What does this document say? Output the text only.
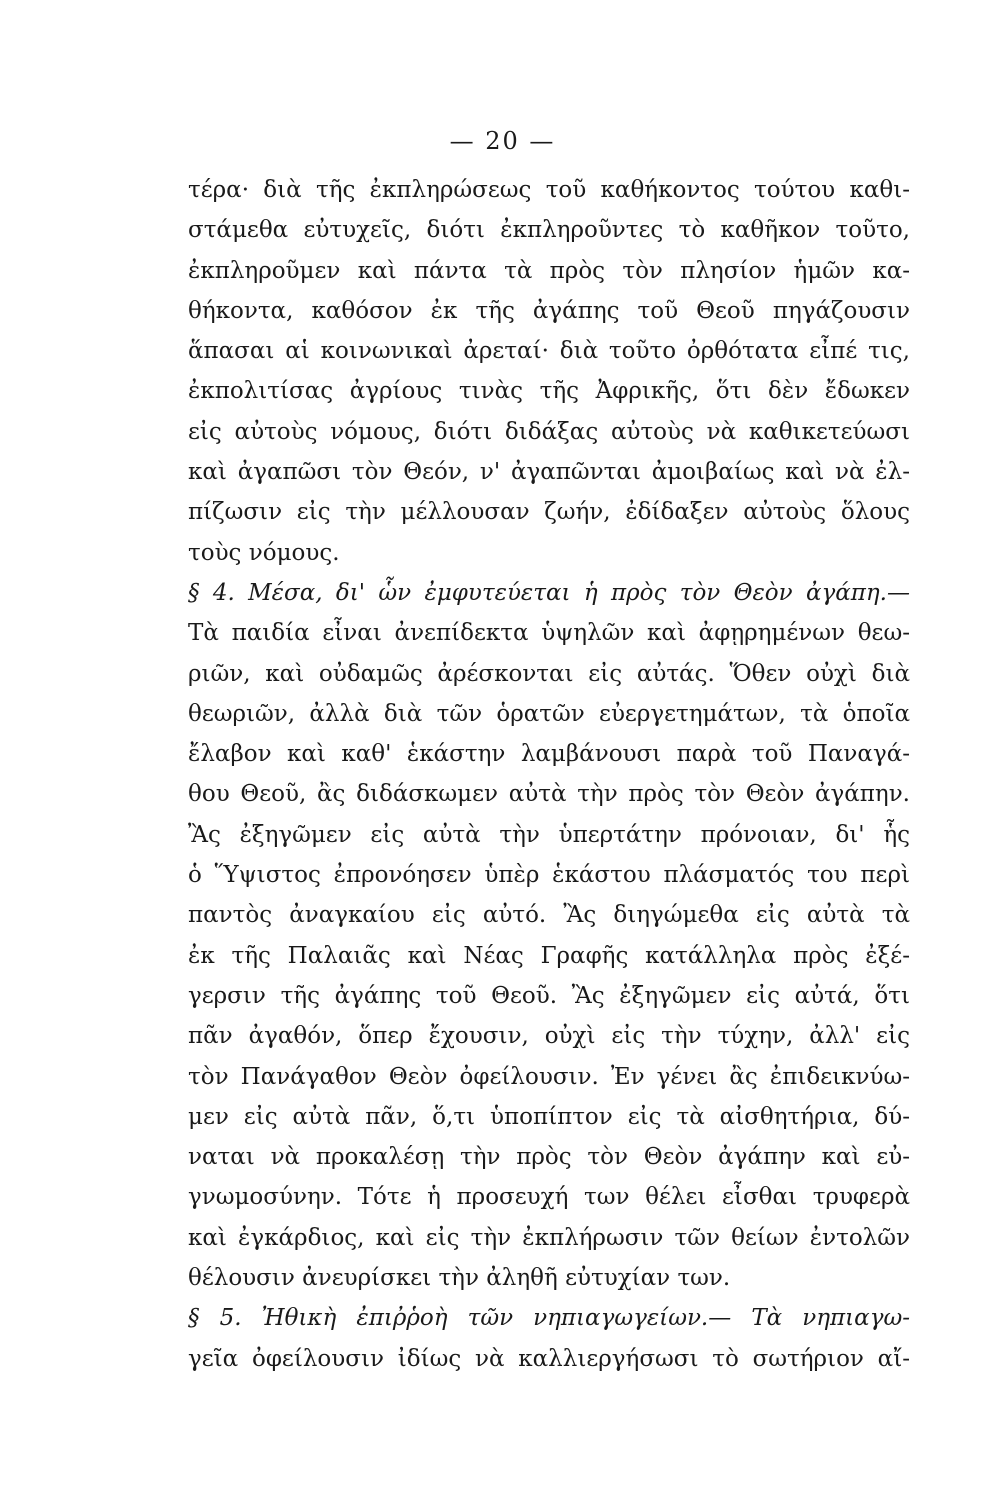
— 20 —
τέρα· διὰ τῆς ἐκπληρώσεως τοῦ καθήκοντος τούτου καθι-
στάμεθα εὐτυχεῖς, διότι ἐκπληροῦντες τὸ καθῆκον τοῦτο,
ἐκπληροῦμεν καὶ πάντα τὰ πρὸς τὸν πλησίον ἡμῶν κα-
θήκοντα, καθόσον ἐκ τῆς ἀγάπης τοῦ Θεοῦ πηγάζουσιν
ἅπασαι αἱ κοινωνικαὶ ἀρεταί· διὰ τοῦτο ὀρθότατα εἶπέ τις,
ἐκπολιτίσας ἀγρίους τινὰς τῆς Ἀφρικῆς, ὅτι δὲν ἔδωκεν
εἰς αὐτοὺς νόμους, διότι διδάξας αὐτοὺς νὰ καθικετεύωσι
καὶ ἀγαπῶσι τὸν Θεόν, ν' ἀγαπῶνται ἀμοιβαίως καὶ νὰ ἐλ-
πίζωσιν εἰς τὴν μέλλουσαν ζωήν, ἐδίδαξεν αὐτοὺς ὅλους
τοὺς νόμους.
§ 4. Μέσα, δι' ὧν ἐμφυτεύεται ἡ πρὸς τὸν Θεὸν ἀγάπη.—
Τὰ παιδία εἶναι ἀνεπίδεκτα ὑψηλῶν καὶ ἀφῃρημένων θεω-
ριῶν, καὶ οὐδαμῶς ἀρέσκονται εἰς αὐτάς. Ὅθεν οὐχὶ διὰ
θεωριῶν, ἀλλὰ διὰ τῶν ὁρατῶν εὐεργετημάτων, τὰ ὁποῖα
ἔλαβον καὶ καθ' ἑκάστην λαμβάνουσι παρὰ τοῦ Παναγά-
θου Θεοῦ, ἂς διδάσκωμεν αὐτὰ τὴν πρὸς τὸν Θεὸν ἀγάπην.
Ἂς ἐξηγῶμεν εἰς αὐτὰ τὴν ὑπερτάτην πρόνοιαν, δι' ἧς
ὁ Ὕψιστος ἐπρονόησεν ὑπὲρ ἑκάστου πλάσματός του περὶ
παντὸς ἀναγκαίου εἰς αὐτό. Ἂς διηγώμεθα εἰς αὐτὰ τὰ
ἐκ τῆς Παλαιᾶς καὶ Νέας Γραφῆς κατάλληλα πρὸς ἐξέ-
γερσιν τῆς ἀγάπης τοῦ Θεοῦ. Ἂς ἐξηγῶμεν εἰς αὐτά, ὅτι
πᾶν ἀγαθόν, ὅπερ ἔχουσιν, οὐχὶ εἰς τὴν τύχην, ἀλλ' εἰς
τὸν Πανάγαθον Θεὸν ὀφείλουσιν. Ἐν γένει ἂς ἐπιδεικνύω-
μεν εἰς αὐτὰ πᾶν, ὅ,τι ὑποπίπτον εἰς τὰ αἰσθητήρια, δύ-
ναται νὰ προκαλέσῃ τὴν πρὸς τὸν Θεὸν ἀγάπην καὶ εὐ-
γνωμοσύνην. Τότε ἡ προσευχή των θέλει εἶσθαι τρυφερὰ
καὶ ἐγκάρδιος, καὶ εἰς τὴν ἐκπλήρωσιν τῶν θείων ἐντολῶν
θέλουσιν ἀνευρίσκει τὴν ἀληθῆ εὐτυχίαν των.
§ 5. Ἠθικὴ ἐπιῤῥοὴ τῶν νηπιαγωγείων.— Τὰ νηπιαγω-
γεῖα ὀφείλουσιν ἰδίως νὰ καλλιεργήσωσι τὸ σωτήριον αἴ-
